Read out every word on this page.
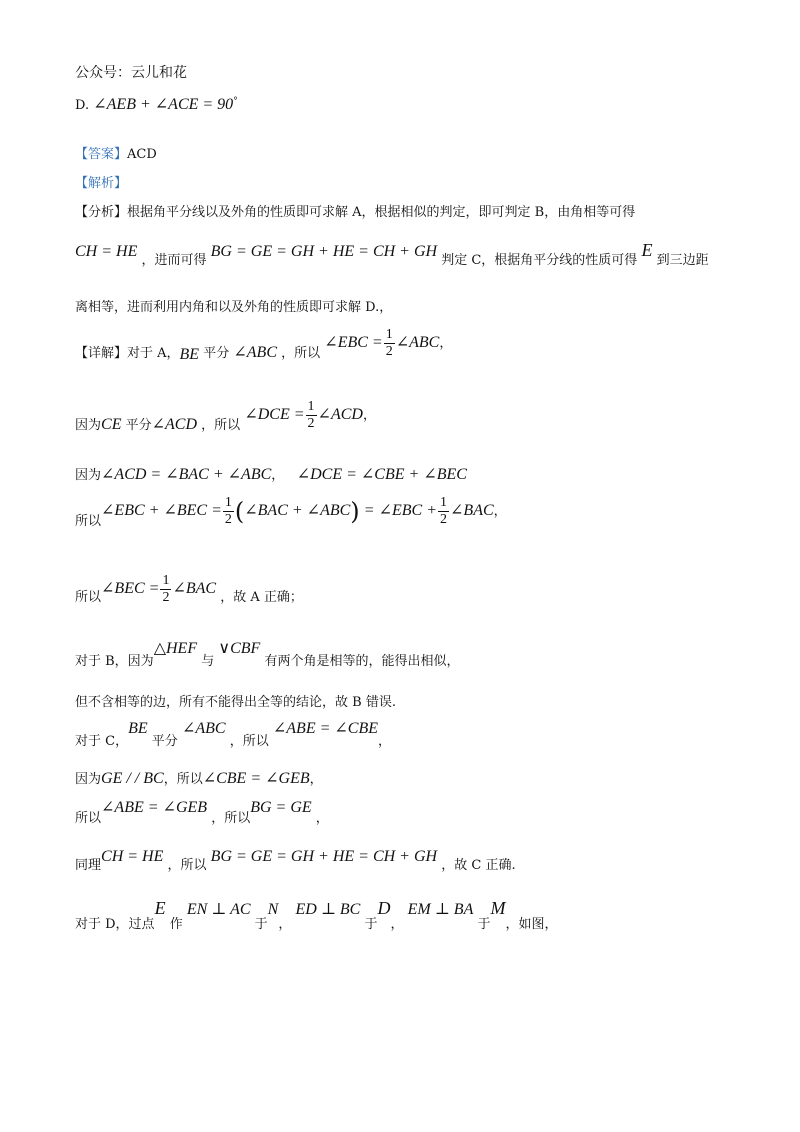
公众号：云儿和花
D. ∠AEB + ∠ACE = 90°
【答案】ACD
【解析】
【分析】根据角平分线以及外角的性质即可求解 A，根据相似的判定，即可判定 B，由角相等可得
CH = HE ，进而可得 BG = GE = GH + HE = CH + GH 判定 C，根据角平分线的性质可得 E 到三边距
离相等，进而利用内角和以及外角的性质即可求解 D.，
【详解】对于 A，BE 平分 ∠ABC ，所以 ∠EBC = $\frac{1}{2}$ ∠ABC，
因为CE 平分∠ACD ，所以 ∠DCE = $\frac{1}{2}$ ∠ACD，
因为∠ACD = ∠BAC + ∠ABC， ∠DCE = ∠CBE + ∠BEC
所以∠EBC + ∠BEC = $\frac{1}{2}$ (∠BAC + ∠ABC) = ∠EBC + $\frac{1}{2}$ ∠BAC，
所以∠BEC = $\frac{1}{2}$ ∠BAC ，故 A 正确；
对于 B，因为△HEF 与 ∨CBF 有两个角是相等的，能得出相似，
但不含相等的边，所有不能得出全等的结论，故 B 错误.
对于 C，BE 平分 ∠ABC ，所以 ∠ABE = ∠CBE，
因为GE / / BC，所以∠CBE = ∠GEB，
所以∠ABE = ∠GEB ，所以BG = GE ，
同理CH = HE ，所以 BG = GE = GH + HE = CH + GH ，故 C 正确.
对于 D，过点E 作 EN ⊥ AC 于N， ED ⊥ BC 于D， EM ⊥ BA 于M，如图，
